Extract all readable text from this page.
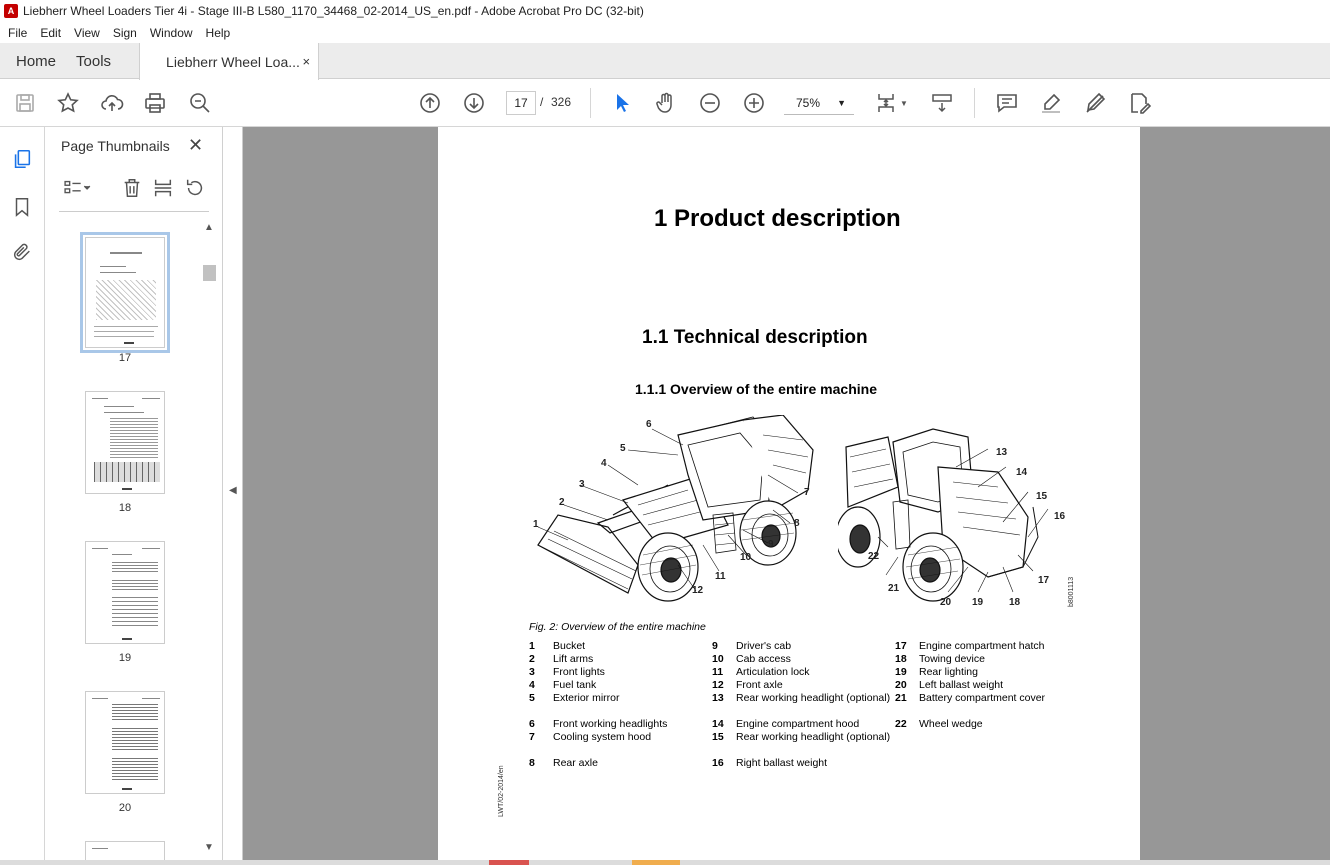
A Liebherr Wheel Loaders Tier 4i - Stage III-B L580_1170_34468_02-2014_US_en.pdf - Adobe Acrobat Pro DC (32-bit)
File	Edit	View	Sign	Window	Help
Home	Tools	Liebherr Wheel Loa... ×
17	/ 326	75% ▼	▼
Page Thumbnails ✕
17
18
19
20
▲
▼
◀
1 Product description
1.1 Technical description
1.1.1 Overview of the entire machine
1
2
3
4
5
6
7
8
9
10
11
12
13
14
15
16
17
18
19
20
21
22
b8001113
Fig. 2: Overview of the entire machine
1	Bucket
2	Lift arms
3	Front lights
4	Fuel tank
5	Exterior mirror
6	Front working headlights
7	Cooling system hood
8	Rear axle
9	Driver's cab
10	Cab access
11	Articulation lock
12	Front axle
13	Rear working headlight (optional)
14	Engine compartment hood
15	Rear working headlight (optional)
16	Right ballast weight
17	Engine compartment hatch
18	Towing device
19	Rear lighting
20	Left ballast weight
21	Battery compartment cover
22	Wheel wedge
LWT/02-2014/en
